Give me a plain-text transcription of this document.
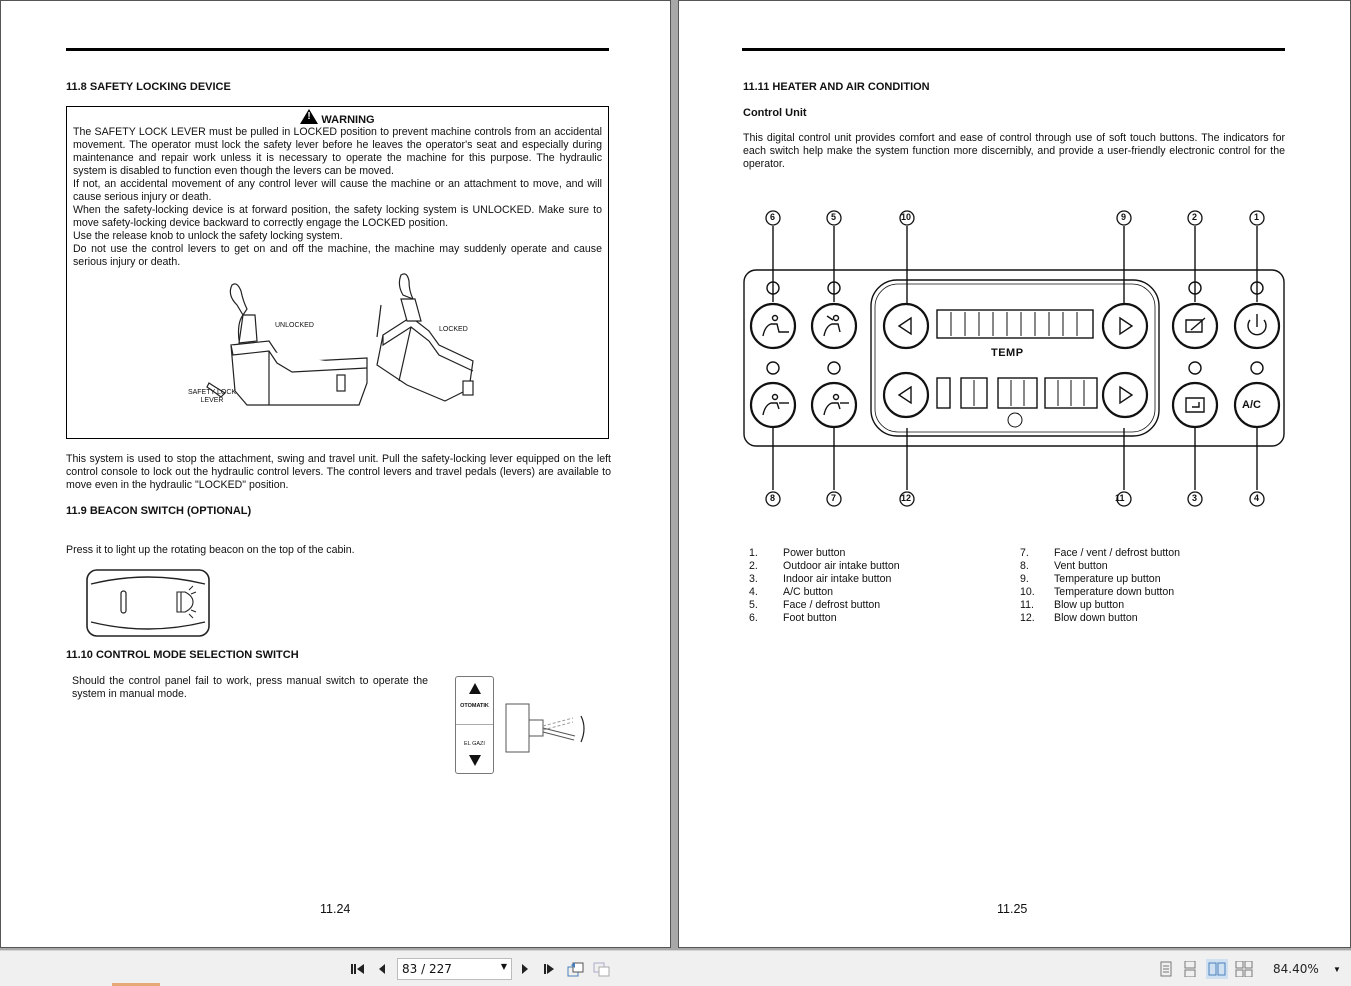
11.8 SAFETY LOCKING DEVICE
!WARNING
The SAFETY LOCK LEVER must be pulled in LOCKED position to prevent machine controls from an accidental movement. The operator must lock the safety lever before he leaves the operator's seat and especially during maintenance and repair work unless it is necessary to operate the machine for this purpose. The hydraulic system is disabled to function even though the levers can be moved.
If not, an accidental movement of any control lever will cause the machine or an attachment to move, and will cause serious injury or death.
When the safety-locking device is at forward position, the safety locking system is UNLOCKED. Make sure to move safety-locking device backward to correctly engage the LOCKED position.
Use the release knob to unlock the safety locking system.
Do not use the control levers to get on and off the machine, the machine may suddenly operate and cause serious injury or death.
UNLOCKED
LOCKED
SAFETY LOCK LEVER
This system is used to stop the attachment, swing and travel unit. Pull the safety-locking lever equipped on the left control console to lock out the hydraulic control levers. The control levers and travel pedals (levers) are available to move even in the hydraulic "LOCKED" position.
11.9 BEACON SWITCH (OPTIONAL)
Press it to light up the rotating beacon on the top of the cabin.
11.10 CONTROL MODE SELECTION SWITCH
Should the control panel fail to work, press manual switch to operate the system in manual mode.
OTOMATIK
EL GAZI
11.24
11.11 HEATER AND AIR CONDITION
Control Unit
This digital control unit provides comfort and ease of control through use of soft touch buttons. The indicators for each switch help make the system function more discernibly, and provide a user-friendly electronic control for the operator.
6	5	10	9	2	1
8	7	12	11	3	4
TEMP
A/C
1.	Power button
2.	Outdoor air intake button
3.	Indoor air intake button
4.	A/C button
5.	Face / defrost button
6.	Foot button
7.	Face / vent / defrost button
8.	Vent button
9.	Temperature up button
10.	Temperature down button
11.	Blow up button
12.	Blow down button
11.25
83 / 227	▼	84.40% ▼
